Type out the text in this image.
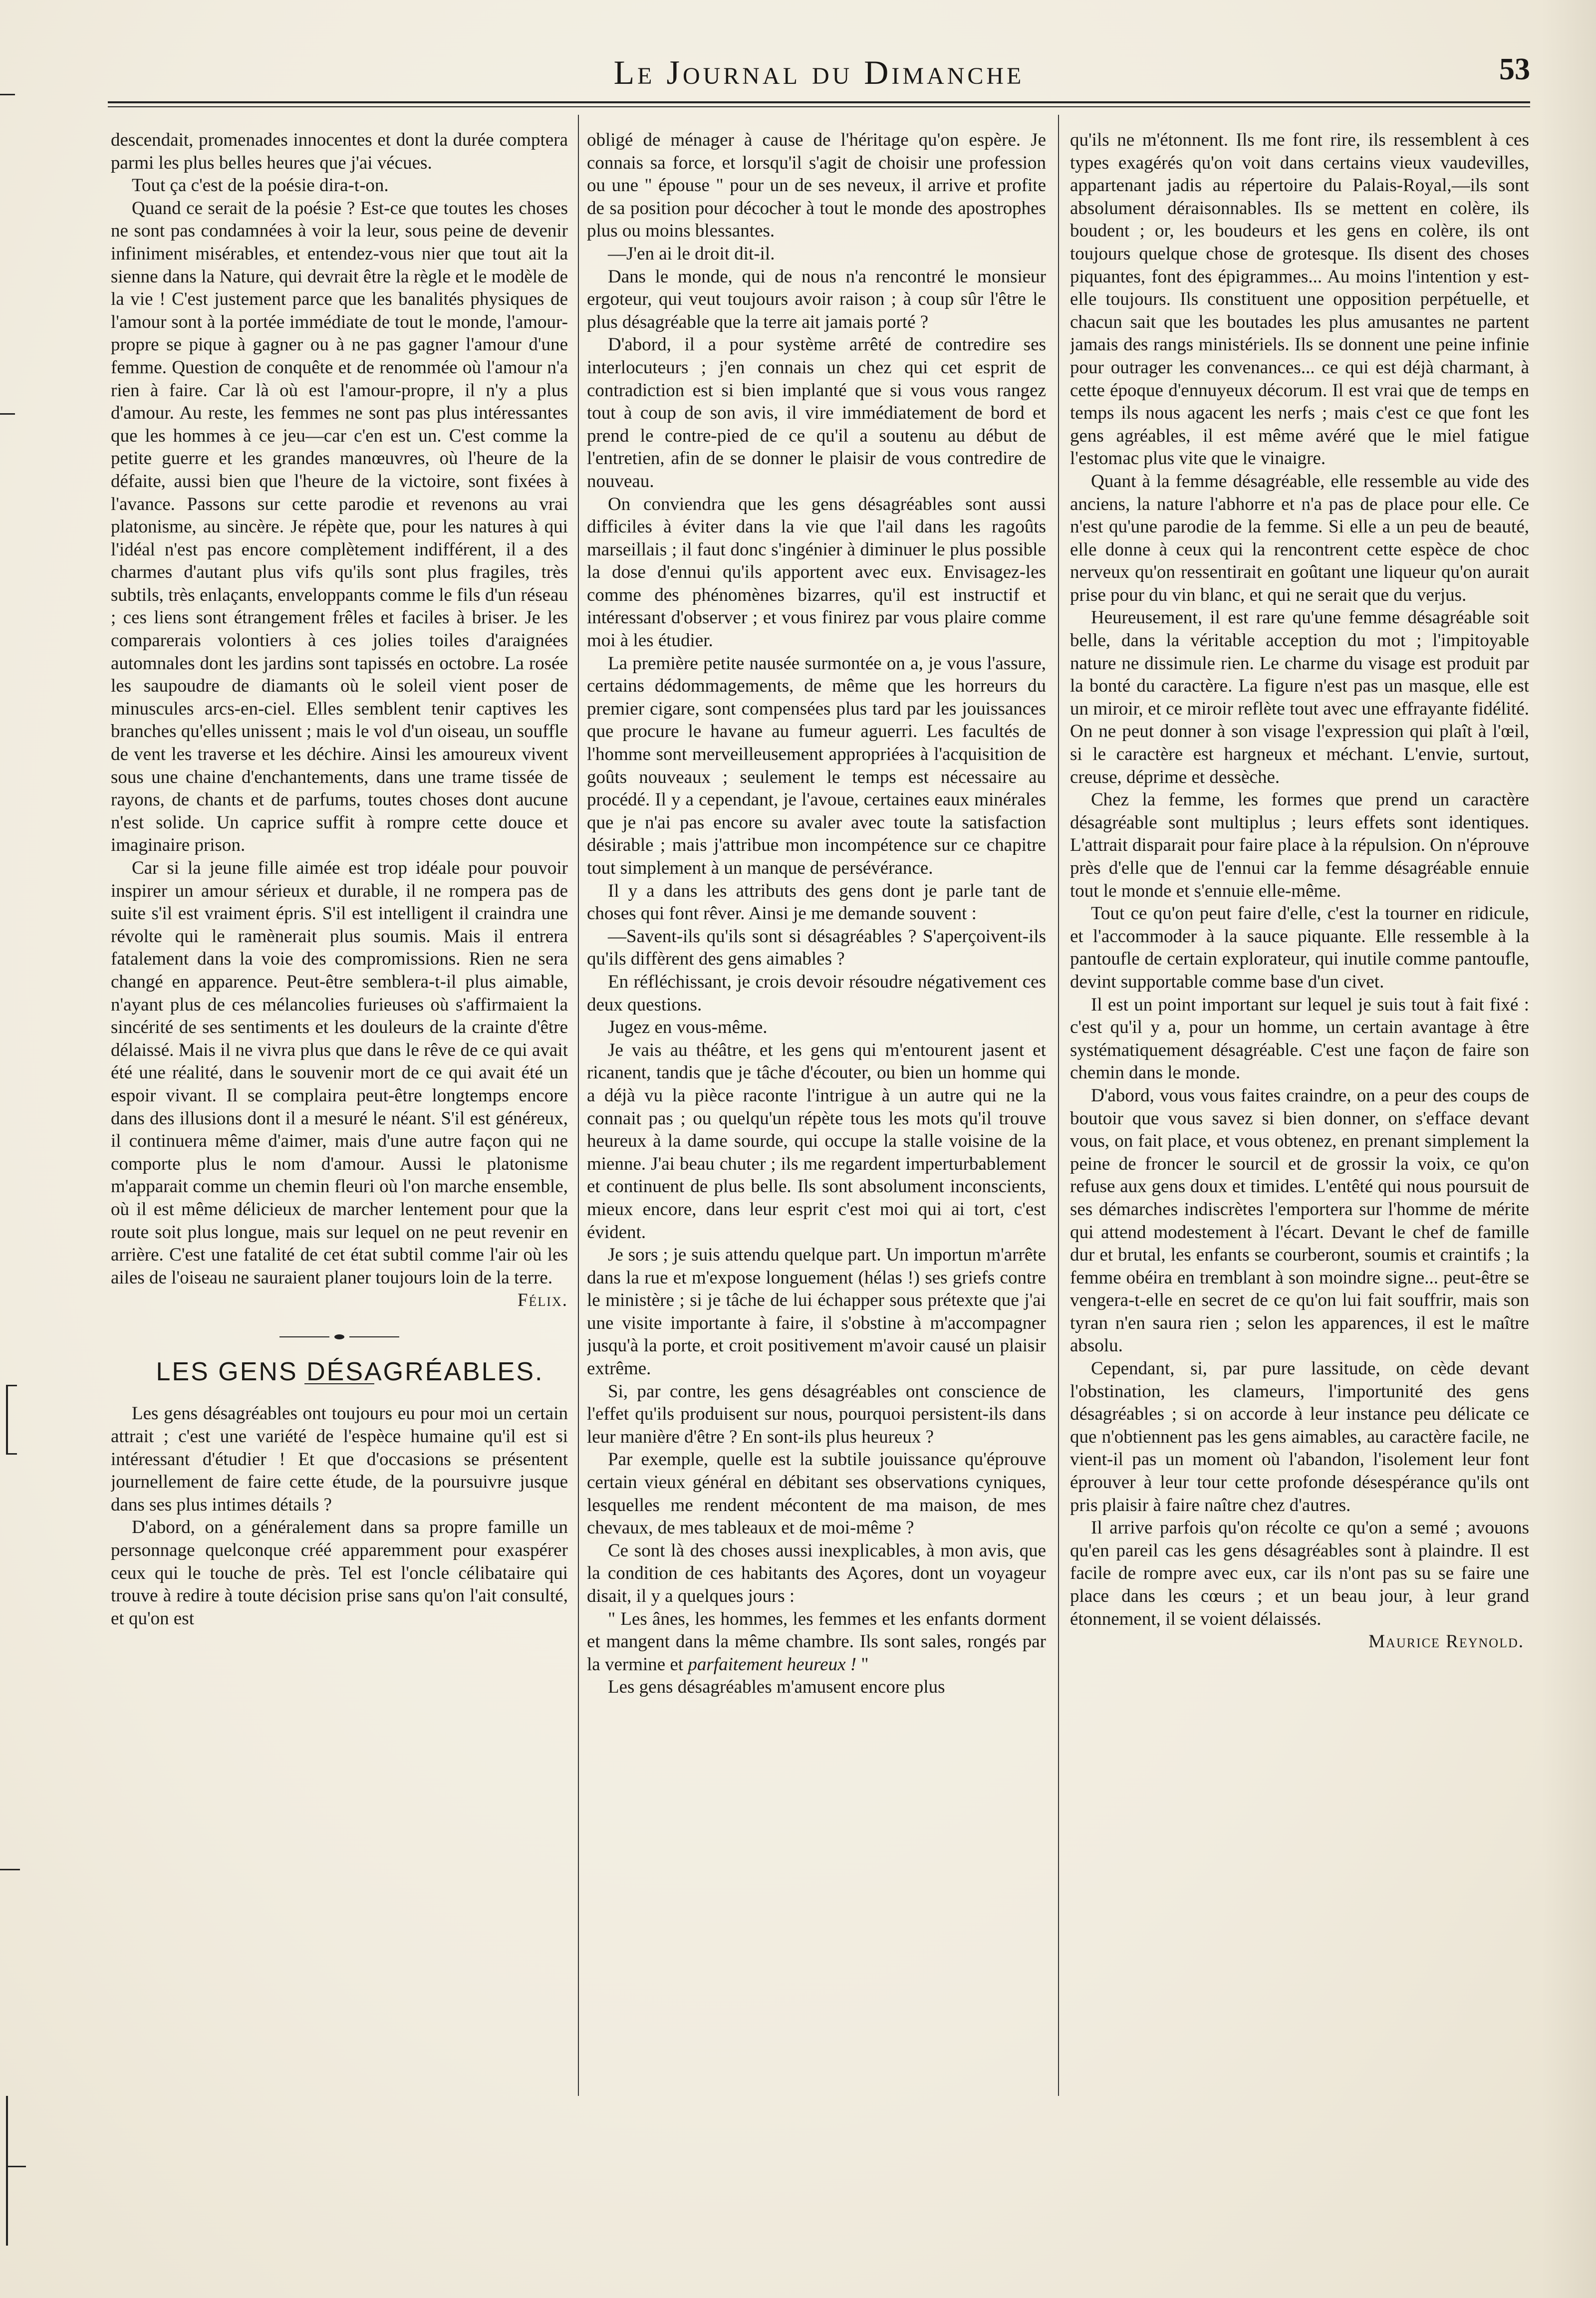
Le Journal du Dimanche	53

descendait, promenades innocentes et dont la durée comptera parmi les plus belles heures que j'ai vécues.

Tout ça c'est de la poésie dira-t-on.

Quand ce serait de la poésie ? Est-ce que toutes les choses ne sont pas condamnées à voir la leur, sous peine de devenir infiniment misérables, et entendez-vous nier que tout ait la sienne dans la Nature, qui devrait être la règle et le modèle de la vie ! C'est justement parce que les banalités physiques de l'amour sont à la portée immédiate de tout le monde, l'amour-propre se pique à gagner ou à ne pas gagner l'amour d'une femme. Question de conquête et de renommée où l'amour n'a rien à faire. Car là où est l'amour-propre, il n'y a plus d'amour. Au reste, les femmes ne sont pas plus intéressantes que les hommes à ce jeu—car c'en est un. C'est comme la petite guerre et les grandes manœuvres, où l'heure de la défaite, aussi bien que l'heure de la victoire, sont fixées à l'avance. Passons sur cette parodie et revenons au vrai platonisme, au sincère. Je répète que, pour les natures à qui l'idéal n'est pas encore complètement indifférent, il a des charmes d'autant plus vifs qu'ils sont plus fragiles, très subtils, très enlaçants, enveloppants comme le fils d'un réseau ; ces liens sont étrangement frêles et faciles à briser. Je les comparerais volontiers à ces jolies toiles d'araignées automnales dont les jardins sont tapissés en octobre. La rosée les saupoudre de diamants où le soleil vient poser de minuscules arcs-en-ciel. Elles semblent tenir captives les branches qu'elles unissent ; mais le vol d'un oiseau, un souffle de vent les traverse et les déchire. Ainsi les amoureux vivent sous une chaine d'enchantements, dans une trame tissée de rayons, de chants et de parfums, toutes choses dont aucune n'est solide. Un caprice suffit à rompre cette douce et imaginaire prison.

Car si la jeune fille aimée est trop idéale pour pouvoir inspirer un amour sérieux et durable, il ne rompera pas de suite s'il est vraiment épris. S'il est intelligent il craindra une révolte qui le ramènerait plus soumis. Mais il entrera fatalement dans la voie des compromissions. Rien ne sera changé en apparence. Peut-être semblera-t-il plus aimable, n'ayant plus de ces mélancolies furieuses où s'affirmaient la sincérité de ses sentiments et les douleurs de la crainte d'être délaissé. Mais il ne vivra plus que dans le rêve de ce qui avait été une réalité, dans le souvenir mort de ce qui avait été un espoir vivant. Il se complaira peut-être longtemps encore dans des illusions dont il a mesuré le néant. S'il est généreux, il continuera même d'aimer, mais d'une autre façon qui ne comporte plus le nom d'amour. Aussi le platonisme m'apparait comme un chemin fleuri où l'on marche ensemble, où il est même délicieux de marcher lentement pour que la route soit plus longue, mais sur lequel on ne peut revenir en arrière. C'est une fatalité de cet état subtil comme l'air où les ailes de l'oiseau ne sauraient planer toujours loin de la terre.

Félix.

LES GENS DÉSAGRÉABLES.

Les gens désagréables ont toujours eu pour moi un certain attrait ; c'est une variété de l'espèce humaine qu'il est si intéressant d'étudier ! Et que d'occasions se présentent journellement de faire cette étude, de la poursuivre jusque dans ses plus intimes détails ?

D'abord, on a généralement dans sa propre famille un personnage quelconque créé apparemment pour exaspérer ceux qui le touche de près. Tel est l'oncle célibataire qui trouve à redire à toute décision prise sans qu'on l'ait consulté, et qu'on est

obligé de ménager à cause de l'héritage qu'on espère. Je connais sa force, et lorsqu'il s'agit de choisir une profession ou une " épouse " pour un de ses neveux, il arrive et profite de sa position pour décocher à tout le monde des apostrophes plus ou moins blessantes.

—J'en ai le droit dit-il.

Dans le monde, qui de nous n'a rencontré le monsieur ergoteur, qui veut toujours avoir raison ; à coup sûr l'être le plus désagréable que la terre ait jamais porté ?

D'abord, il a pour système arrêté de contredire ses interlocuteurs ; j'en connais un chez qui cet esprit de contradiction est si bien implanté que si vous vous rangez tout à coup de son avis, il vire immédiatement de bord et prend le contre-pied de ce qu'il a soutenu au début de l'entretien, afin de se donner le plaisir de vous contredire de nouveau.

On conviendra que les gens désagréables sont aussi difficiles à éviter dans la vie que l'ail dans les ragoûts marseillais ; il faut donc s'ingénier à diminuer le plus possible la dose d'ennui qu'ils apportent avec eux. Envisagez-les comme des phénomènes bizarres, qu'il est instructif et intéressant d'observer ; et vous finirez par vous plaire comme moi à les étudier.

La première petite nausée surmontée on a, je vous l'assure, certains dédommagements, de même que les horreurs du premier cigare, sont compensées plus tard par les jouissances que procure le havane au fumeur aguerri. Les facultés de l'homme sont merveilleusement appropriées à l'acquisition de goûts nouveaux ; seulement le temps est nécessaire au procédé. Il y a cependant, je l'avoue, certaines eaux minérales que je n'ai pas encore su avaler avec toute la satisfaction désirable ; mais j'attribue mon incompétence sur ce chapitre tout simplement à un manque de persévérance.

Il y a dans les attributs des gens dont je parle tant de choses qui font rêver. Ainsi je me demande souvent :

—Savent-ils qu'ils sont si désagréables ? S'aperçoivent-ils qu'ils diffèrent des gens aimables ?

En réfléchissant, je crois devoir résoudre négativement ces deux questions.

Jugez en vous-même.

Je vais au théâtre, et les gens qui m'entourent jasent et ricanent, tandis que je tâche d'écouter, ou bien un homme qui a déjà vu la pièce raconte l'intrigue à un autre qui ne la connait pas ; ou quelqu'un répète tous les mots qu'il trouve heureux à la dame sourde, qui occupe la stalle voisine de la mienne. J'ai beau chuter ; ils me regardent imperturbablement et continuent de plus belle. Ils sont absolument inconscients, mieux encore, dans leur esprit c'est moi qui ai tort, c'est évident.

Je sors ; je suis attendu quelque part. Un importun m'arrête dans la rue et m'expose longuement (hélas !) ses griefs contre le ministère ; si je tâche de lui échapper sous prétexte que j'ai une visite importante à faire, il s'obstine à m'accompagner jusqu'à la porte, et croit positivement m'avoir causé un plaisir extrême.

Si, par contre, les gens désagréables ont conscience de l'effet qu'ils produisent sur nous, pourquoi persistent-ils dans leur manière d'être ? En sont-ils plus heureux ?

Par exemple, quelle est la subtile jouissance qu'éprouve certain vieux général en débitant ses observations cyniques, lesquelles me rendent mécontent de ma maison, de mes chevaux, de mes tableaux et de moi-même ?

Ce sont là des choses aussi inexplicables, à mon avis, que la condition de ces habitants des Açores, dont un voyageur disait, il y a quelques jours :

" Les ânes, les hommes, les femmes et les enfants dorment et mangent dans la même chambre. Ils sont sales, rongés par la vermine et parfaitement heureux ! "

Les gens désagréables m'amusent encore plus

qu'ils ne m'étonnent. Ils me font rire, ils ressemblent à ces types exagérés qu'on voit dans certains vieux vaudevilles, appartenant jadis au répertoire du Palais-Royal,—ils sont absolument déraisonnables. Ils se mettent en colère, ils boudent ; or, les boudeurs et les gens en colère, ils ont toujours quelque chose de grotesque. Ils disent des choses piquantes, font des épigrammes... Au moins l'intention y est-elle toujours. Ils constituent une opposition perpétuelle, et chacun sait que les boutades les plus amusantes ne partent jamais des rangs ministériels. Ils se donnent une peine infinie pour outrager les convenances... ce qui est déjà charmant, à cette époque d'ennuyeux décorum. Il est vrai que de temps en temps ils nous agacent les nerfs ; mais c'est ce que font les gens agréables, il est même avéré que le miel fatigue l'estomac plus vite que le vinaigre.

Quant à la femme désagréable, elle ressemble au vide des anciens, la nature l'abhorre et n'a pas de place pour elle. Ce n'est qu'une parodie de la femme. Si elle a un peu de beauté, elle donne à ceux qui la rencontrent cette espèce de choc nerveux qu'on ressentirait en goûtant une liqueur qu'on aurait prise pour du vin blanc, et qui ne serait que du verjus.

Heureusement, il est rare qu'une femme désagréable soit belle, dans la véritable acception du mot ; l'impitoyable nature ne dissimule rien. Le charme du visage est produit par la bonté du caractère. La figure n'est pas un masque, elle est un miroir, et ce miroir reflète tout avec une effrayante fidélité. On ne peut donner à son visage l'expression qui plaît à l'œil, si le caractère est hargneux et méchant. L'envie, surtout, creuse, déprime et dessèche.

Chez la femme, les formes que prend un caractère désagréable sont multiplus ; leurs effets sont identiques. L'attrait disparait pour faire place à la répulsion. On n'éprouve près d'elle que de l'ennui car la femme désagréable ennuie tout le monde et s'ennuie elle-même.

Tout ce qu'on peut faire d'elle, c'est la tourner en ridicule, et l'accommoder à la sauce piquante. Elle ressemble à la pantoufle de certain explorateur, qui inutile comme pantoufle, devint supportable comme base d'un civet.

Il est un point important sur lequel je suis tout à fait fixé : c'est qu'il y a, pour un homme, un certain avantage à être systématiquement désagréable. C'est une façon de faire son chemin dans le monde.

D'abord, vous vous faites craindre, on a peur des coups de boutoir que vous savez si bien donner, on s'efface devant vous, on fait place, et vous obtenez, en prenant simplement la peine de froncer le sourcil et de grossir la voix, ce qu'on refuse aux gens doux et timides. L'entêté qui nous poursuit de ses démarches indiscrètes l'emportera sur l'homme de mérite qui attend modestement à l'écart. Devant le chef de famille dur et brutal, les enfants se courberont, soumis et craintifs ; la femme obéira en tremblant à son moindre signe... peut-être se vengera-t-elle en secret de ce qu'on lui fait souffrir, mais son tyran n'en saura rien ; selon les apparences, il est le maître absolu.

Cependant, si, par pure lassitude, on cède devant l'obstination, les clameurs, l'importunité des gens désagréables ; si on accorde à leur instance peu délicate ce que n'obtiennent pas les gens aimables, au caractère facile, ne vient-il pas un moment où l'abandon, l'isolement leur font éprouver à leur tour cette profonde désespérance qu'ils ont pris plaisir à faire naître chez d'autres.

Il arrive parfois qu'on récolte ce qu'on a semé ; avouons qu'en pareil cas les gens désagréables sont à plaindre. Il est facile de rompre avec eux, car ils n'ont pas su se faire une place dans les cœurs ; et un beau jour, à leur grand étonnement, il se voient délaissés.

Maurice Reynold.
